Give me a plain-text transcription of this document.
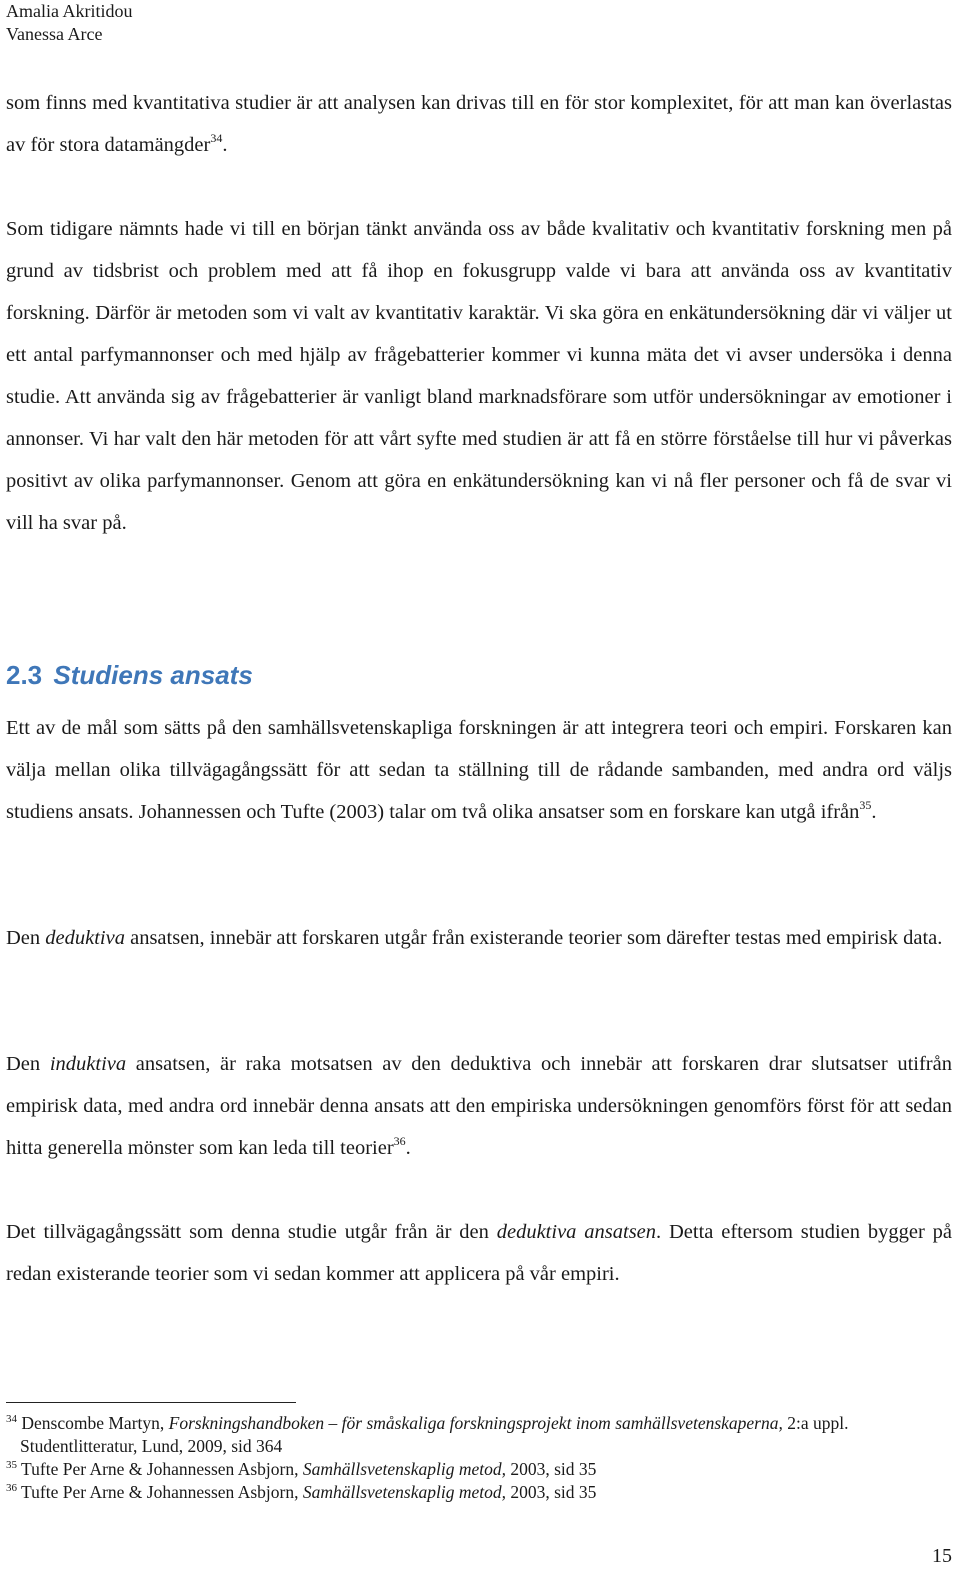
Amalia Akritidou
Vanessa Arce

som finns med kvantitativa studier är att analysen kan drivas till en för stor komplexitet, för att man kan överlastas av för stora datamängder$^{34}$.

Som tidigare nämnts hade vi till en början tänkt använda oss av både kvalitativ och kvantitativ forskning men på grund av tidsbrist och problem med att få ihop en fokusgrupp valde vi bara att använda oss av kvantitativ forskning. Därför är metoden som vi valt av kvantitativ karaktär. Vi ska göra en enkätundersökning där vi väljer ut ett antal parfymannonser och med hjälp av frågebatterier kommer vi kunna mäta det vi avser undersöka i denna studie. Att använda sig av frågebatterier är vanligt bland marknadsförare som utför undersökningar av emotioner i annonser. Vi har valt den här metoden för att vårt syfte med studien är att få en större förståelse till hur vi påverkas positivt av olika parfymannonser. Genom att göra en enkätundersökning kan vi nå fler personer och få de svar vi vill ha svar på.

2.3 Studiens ansats

Ett av de mål som sätts på den samhällsvetenskapliga forskningen är att integrera teori och empiri. Forskaren kan välja mellan olika tillvägagångssätt för att sedan ta ställning till de rådande sambanden, med andra ord väljs studiens ansats. Johannessen och Tufte (2003) talar om två olika ansatser som en forskare kan utgå ifrån$^{35}$.

Den deduktiva ansatsen, innebär att forskaren utgår från existerande teorier som därefter testas med empirisk data.

Den induktiva ansatsen, är raka motsatsen av den deduktiva och innebär att forskaren drar slutsatser utifrån empirisk data, med andra ord innebär denna ansats att den empiriska undersökningen genomförs först för att sedan hitta generella mönster som kan leda till teorier$^{36}$.

Det tillvägagångssätt som denna studie utgår från är den deduktiva ansatsen. Detta eftersom studien bygger på redan existerande teorier som vi sedan kommer att applicera på vår empiri.

$^{34}$ Denscombe Martyn, Forskningshandboken – för småskaliga forskningsprojekt inom samhällsvetenskaperna, 2:a uppl. Studentlitteratur, Lund, 2009, sid 364

$^{35}$ Tufte Per Arne & Johannessen Asbjorn, Samhällsvetenskaplig metod, 2003, sid 35

$^{36}$ Tufte Per Arne & Johannessen Asbjorn, Samhällsvetenskaplig metod, 2003, sid 35

15
